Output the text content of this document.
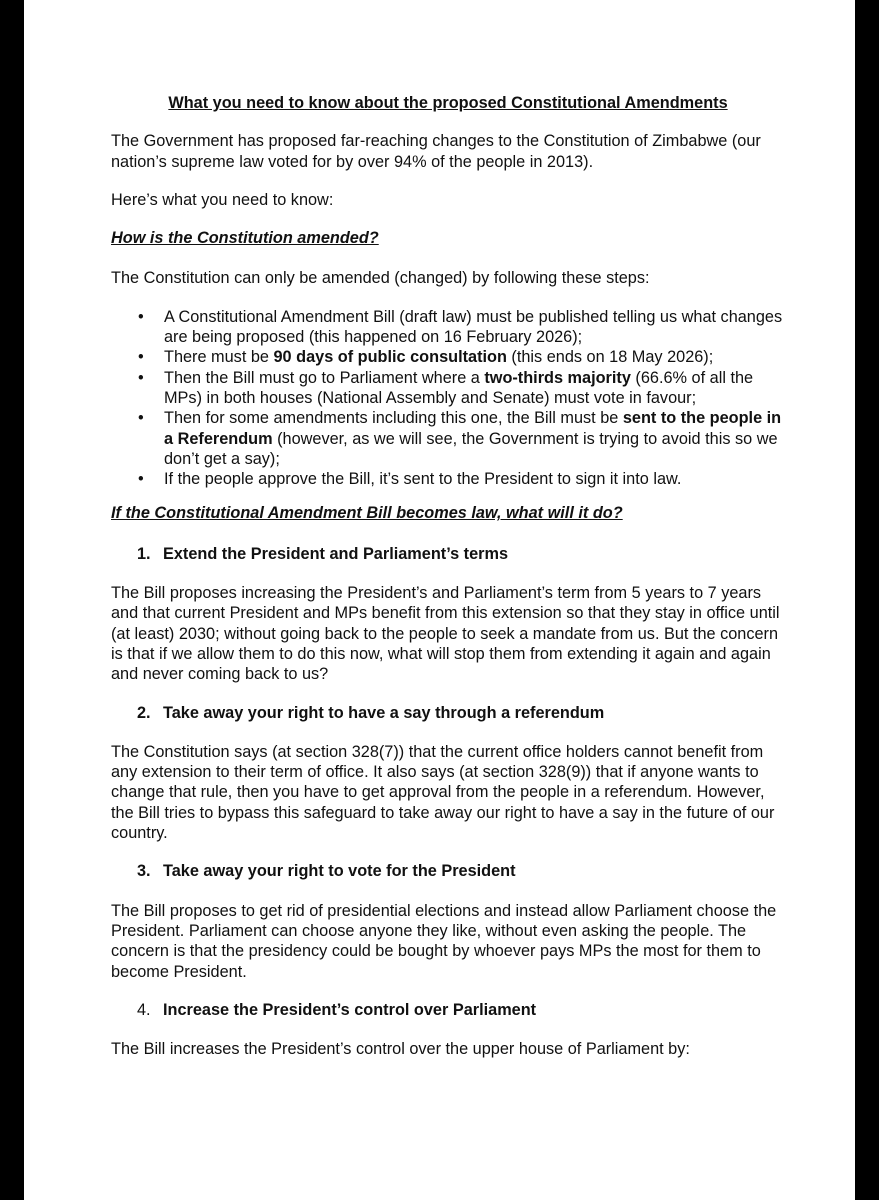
What you need to know about the proposed Constitutional Amendments

The Government has proposed far-reaching changes to the Constitution of Zimbabwe (our nation’s supreme law voted for by over 94% of the people in 2013).

Here’s what you need to know:

How is the Constitution amended?

The Constitution can only be amended (changed) by following these steps:

• A Constitutional Amendment Bill (draft law) must be published telling us what changes are being proposed (this happened on 16 February 2026);
• There must be 90 days of public consultation (this ends on 18 May 2026);
• Then the Bill must go to Parliament where a two-thirds majority (66.6% of all the MPs) in both houses (National Assembly and Senate) must vote in favour;
• Then for some amendments including this one, the Bill must be sent to the people in a Referendum (however, as we will see, the Government is trying to avoid this so we don’t get a say);
• If the people approve the Bill, it’s sent to the President to sign it into law.

If the Constitutional Amendment Bill becomes law, what will it do?

1. Extend the President and Parliament’s terms

The Bill proposes increasing the President’s and Parliament’s term from 5 years to 7 years and that current President and MPs benefit from this extension so that they stay in office until (at least) 2030; without going back to the people to seek a mandate from us. But the concern is that if we allow them to do this now, what will stop them from extending it again and again and never coming back to us?

2. Take away your right to have a say through a referendum

The Constitution says (at section 328(7)) that the current office holders cannot benefit from any extension to their term of office. It also says (at section 328(9)) that if anyone wants to change that rule, then you have to get approval from the people in a referendum. However, the Bill tries to bypass this safeguard to take away our right to have a say in the future of our country.

3. Take away your right to vote for the President

The Bill proposes to get rid of presidential elections and instead allow Parliament choose the President. Parliament can choose anyone they like, without even asking the people. The concern is that the presidency could be bought by whoever pays MPs the most for them to become President.

4. Increase the President’s control over Parliament

The Bill increases the President’s control over the upper house of Parliament by:
